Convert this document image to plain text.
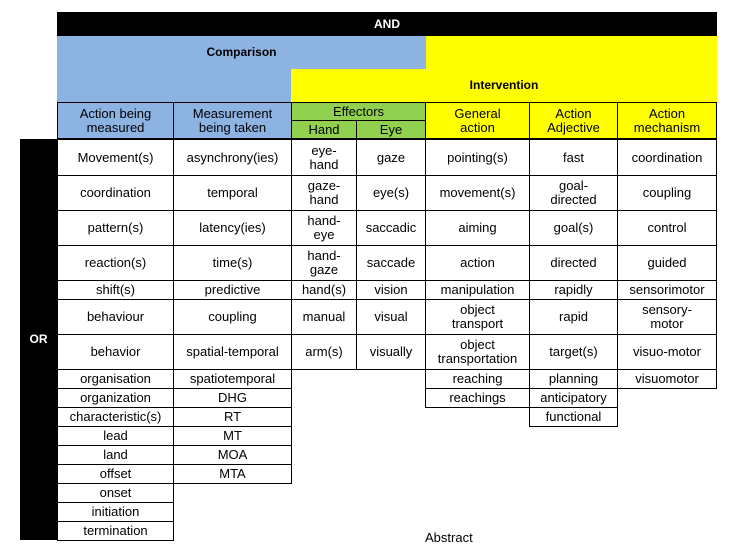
AND
Comparison
Intervention
Action being
measured
Measurement
being taken
Effectors
Hand	Eye
General
action
Action
Adjective
Action
mechanism
OR
Movement(s)
coordination
pattern(s)
reaction(s)
shift(s)
behaviour
behavior
organisation
organization
characteristic(s)
lead
land
offset
onset
initiation
termination
asynchrony(ies)
temporal
latency(ies)
time(s)
predictive
coupling
spatial-temporal
spatiotemporal
DHG
RT
MT
MOA
MTA
eye-
hand
gaze-
hand
hand-
eye
hand-
gaze
hand(s)
manual
arm(s)
gaze
eye(s)
saccadic
saccade
vision
visual
visually
pointing(s)
movement(s)
aiming
action
manipulation
object
transport
object
transportation
reaching
reachings
fast
goal-
directed
goal(s)
directed
rapidly
rapid
target(s)
planning
anticipatory
functional
coordination
coupling
control
guided
sensorimotor
sensory-
motor
visuo-motor
visuomotor
Abstract
